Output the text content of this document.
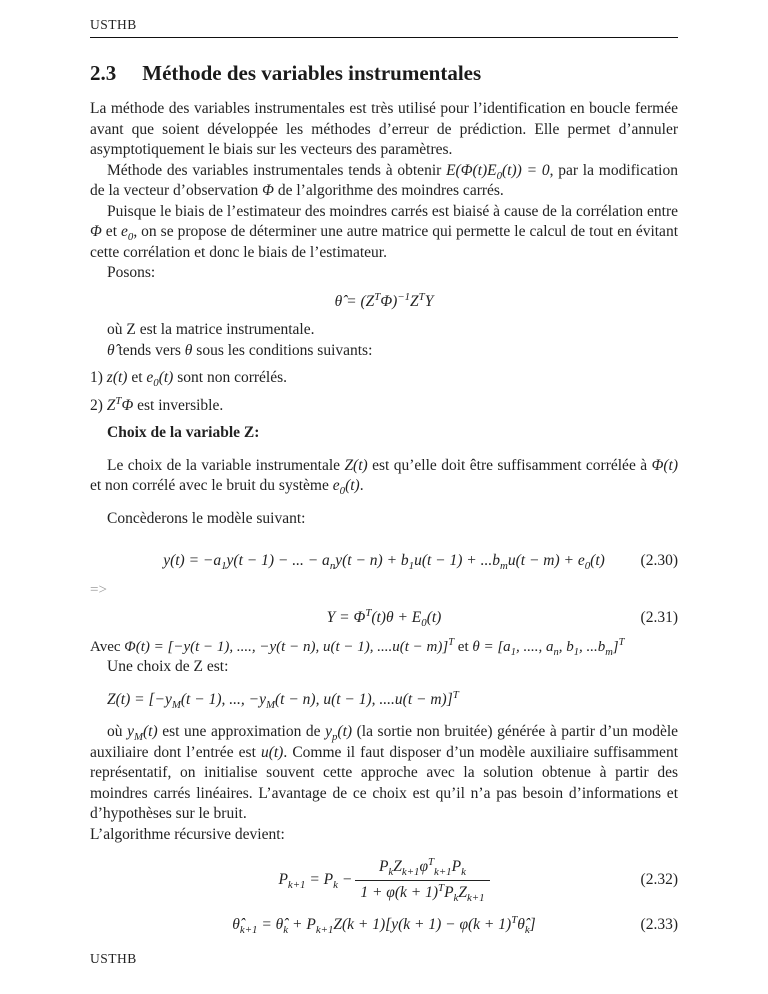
USTHB
2.3 Méthode des variables instrumentales

La méthode des variables instrumentales est très utilisé pour l’identification en boucle fermée avant que soient développée les méthodes d’erreur de prédiction. Elle permet d’annuler asymptotiquement le biais sur les vecteurs des paramètres.

Méthode des variables instrumentales tends à obtenir $E(\Phi(t)E_0(t)) = 0$, par la modification de la vecteur d’observation Φ de l’algorithme des moindres carrés.

Puisque le biais de l’estimateur des moindres carrés est biaisé à cause de la corrélation entre Φ et $e_0$, on se propose de déterminer une autre matrice qui permette le calcul de tout en évitant cette corrélation et donc le biais de l’estimateur.

Posons:

θ̂ = $(Z^T\Phi)^{-1}Z^TY$

où Z est la matrice instrumentale.

θ̂ tends vers θ sous les conditions suivants:

1) z(t) et $e_0(t)$ sont non corrélés.

2) $Z^T\Phi$ est inversible.

Choix de la variable Z:

Le choix de la variable instrumentale Z(t) est qu’elle doit être suffisamment corrélée à Φ(t) et non corrélé avec le bruit du système $e_0(t)$.

Concèderons le modèle suivant:

$y(t) = -a_1y(t - 1)$ − ... − $a_ny(t - n) + b_1u(t - 1) + ...b_mu(t - m) + e_0(t)$ (2.30)

=>

$Y = \Phi^T(t)\theta + E_0(t)$	(2.31)

Avec Φ(t) = [−y(t − 1), ...., −y(t − n), u(t − 1), ....u(t − m)]$^T$ et $\theta = [a_1$, ...., $a_n$, $b_1$, $...b_m]^T$

Une choix de Z est:

$Z(t) = [-y_M(t - 1)$, ..., $-y_M(t - n)$, u(t − 1), ....u(t − m)]$^T$

où $y_M(t)$ est une approximation de $y_p(t)$ (la sortie non bruitée) générée à partir d’un modèle auxiliaire dont l’entrée est u(t). Comme il faut disposer d’un modèle auxiliaire suffisamment représentatif, on initialise souvent cette approche avec la solution obtenue à partir des moindres carrés linéaires. L’avantage de ce choix est qu’il n’a pas besoin d’informations et d’hypothèses sur le bruit.

L’algorithme récursive devient:

$P_{k+1} = P_k - \frac{P_kZ_{k+1}\varphi^T_{k+1}P_k}{1 + \varphi(k + 1)^TP_kZ_{k+1}}$	(2.32)
$\thetâ_{k+1}$ = $\thetâ_k + P_{k+1}Z(k + 1)[y(k + 1) - \varphi(k$ + $1)^T\thetâ_k$]	(2.33)
USTHB
